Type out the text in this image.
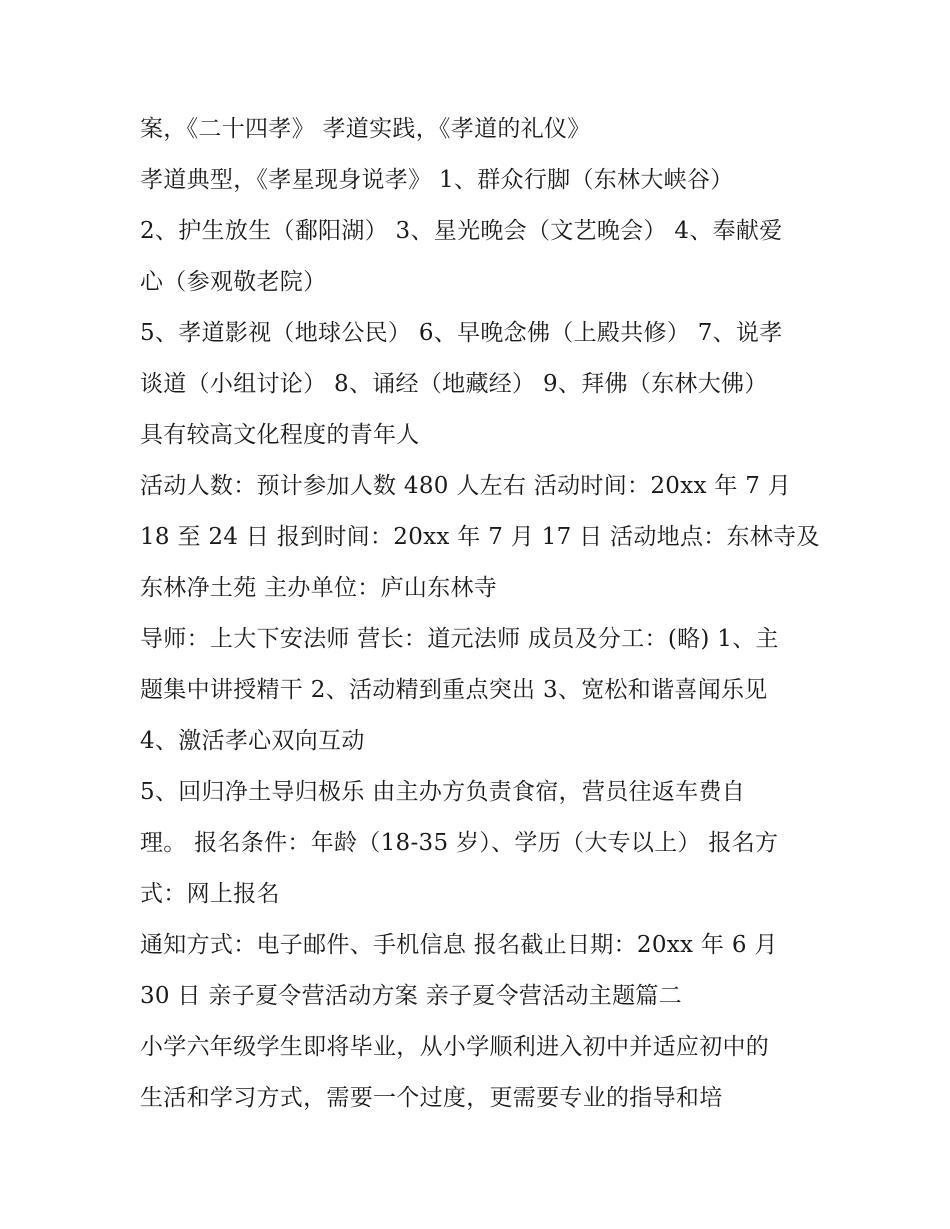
案，《二十四孝》 孝道实践，《孝道的礼仪》
孝道典型，《孝星现身说孝》 1、群众行脚（东林大峡谷）
2、护生放生（鄱阳湖） 3、星光晚会（文艺晚会） 4、奉献爱
心（参观敬老院）
5、孝道影视（地球公民） 6、早晚念佛（上殿共修） 7、说孝
谈道（小组讨论） 8、诵经（地藏经） 9、拜佛（东林大佛）
具有较高文化程度的青年人
活动人数：预计参加人数 480 人左右 活动时间：20xx 年 7 月
18 至 24 日 报到时间：20xx 年 7 月 17 日 活动地点：东林寺及
东林净土苑 主办单位：庐山东林寺
导师：上大下安法师 营长：道元法师 成员及分工：(略) 1、主
题集中讲授精干 2、活动精到重点突出 3、宽松和谐喜闻乐见
4、激活孝心双向互动
5、回归净土导归极乐 由主办方负责食宿，营员往返车费自
理。 报名条件：年龄（18-35 岁）、学历（大专以上） 报名方
式：网上报名
通知方式：电子邮件、手机信息 报名截止日期：20xx 年 6 月
30 日 亲子夏令营活动方案 亲子夏令营活动主题篇二
小学六年级学生即将毕业，从小学顺利进入初中并适应初中的
生活和学习方式，需要一个过度，更需要专业的指导和培
